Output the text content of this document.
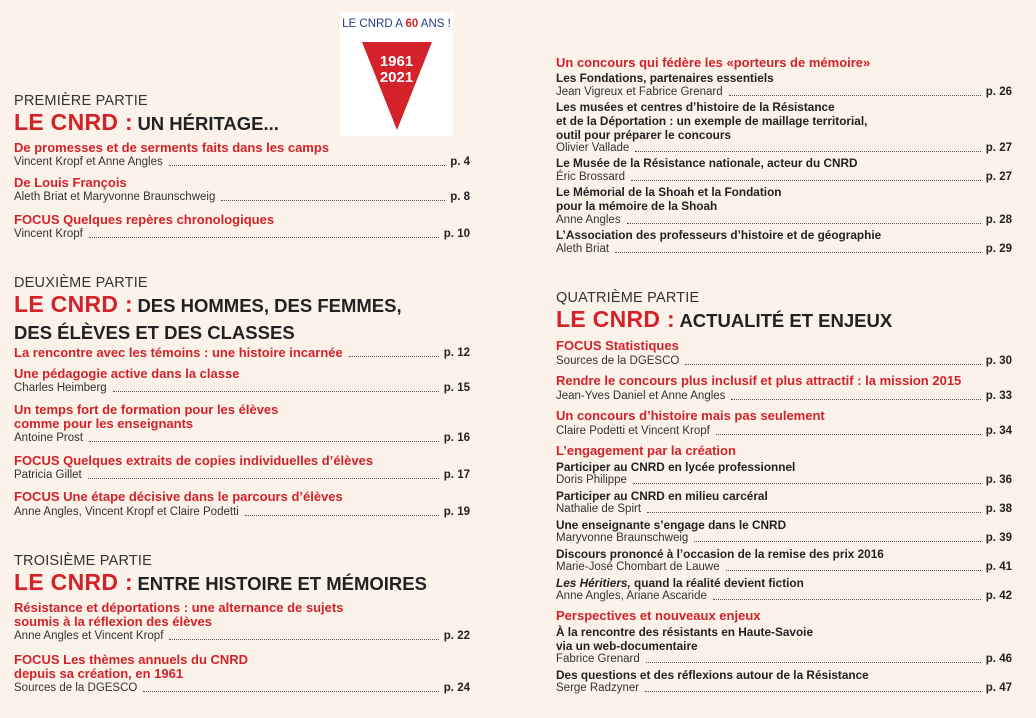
LE CNRD A 60 ANS !
1961
2021
PREMIÈRE PARTIE
LE CNRD : UN HÉRITAGE...
De promesses et de serments faits dans les camps
Vincent Kropf et Anne Angles	p. 4
De Louis François
Aleth Briat et Maryvonne Braunschweig	p. 8
FOCUS Quelques repères chronologiques
Vincent Kropf	p. 10
DEUXIÈME PARTIE
LE CNRD : DES HOMMES, DES FEMMES,
DES ÉLÈVES ET DES CLASSES
La rencontre avec les témoins : une histoire incarnée	p. 12
Une pédagogie active dans la classe
Charles Heimberg	p. 15
Un temps fort de formation pour les élèves
comme pour les enseignants
Antoine Prost	p. 16
FOCUS Quelques extraits de copies individuelles d’élèves
Patricia Gillet	p. 17
FOCUS Une étape décisive dans le parcours d’élèves
Anne Angles, Vincent Kropf et Claire Podetti	p. 19
TROISIÈME PARTIE
LE CNRD : ENTRE HISTOIRE ET MÉMOIRES
Résistance et déportations : une alternance de sujets
soumis à la réflexion des élèves
Anne Angles et Vincent Kropf	p. 22
FOCUS Les thèmes annuels du CNRD
depuis sa création, en 1961
Sources de la DGESCO	p. 24
Un concours qui fédère les «porteurs de mémoire»
Les Fondations, partenaires essentiels
Jean Vigreux et Fabrice Grenard	p. 26
Les musées et centres d’histoire de la Résistance
et de la Déportation : un exemple de maillage territorial,
outil pour préparer le concours
Olivier Vallade	p. 27
Le Musée de la Résistance nationale, acteur du CNRD
Éric Brossard	p. 27
Le Mémorial de la Shoah et la Fondation
pour la mémoire de la Shoah
Anne Angles	p. 28
L’Association des professeurs d’histoire et de géographie
Aleth Briat	p. 29
QUATRIÈME PARTIE
LE CNRD : ACTUALITÉ ET ENJEUX
FOCUS Statistiques
Sources de la DGESCO	p. 30
Rendre le concours plus inclusif et plus attractif : la mission 2015
Jean-Yves Daniel et Anne Angles	p. 33
Un concours d’histoire mais pas seulement
Claire Podetti et Vincent Kropf	p. 34
L’engagement par la création
Participer au CNRD en lycée professionnel
Doris Philippe	p. 36
Participer au CNRD en milieu carcéral
Nathalie de Spirt	p. 38
Une enseignante s’engage dans le CNRD
Maryvonne Braunschweig	p. 39
Discours prononcé à l’occasion de la remise des prix 2016
Marie-José Chombart de Lauwe	p. 41
Les Héritiers, quand la réalité devient fiction
Anne Angles, Ariane Ascaride	p. 42
Perspectives et nouveaux enjeux
À la rencontre des résistants en Haute-Savoie
via un web-documentaire
Fabrice Grenard	p. 46
Des questions et des réflexions autour de la Résistance
Serge Radzyner	p. 47
